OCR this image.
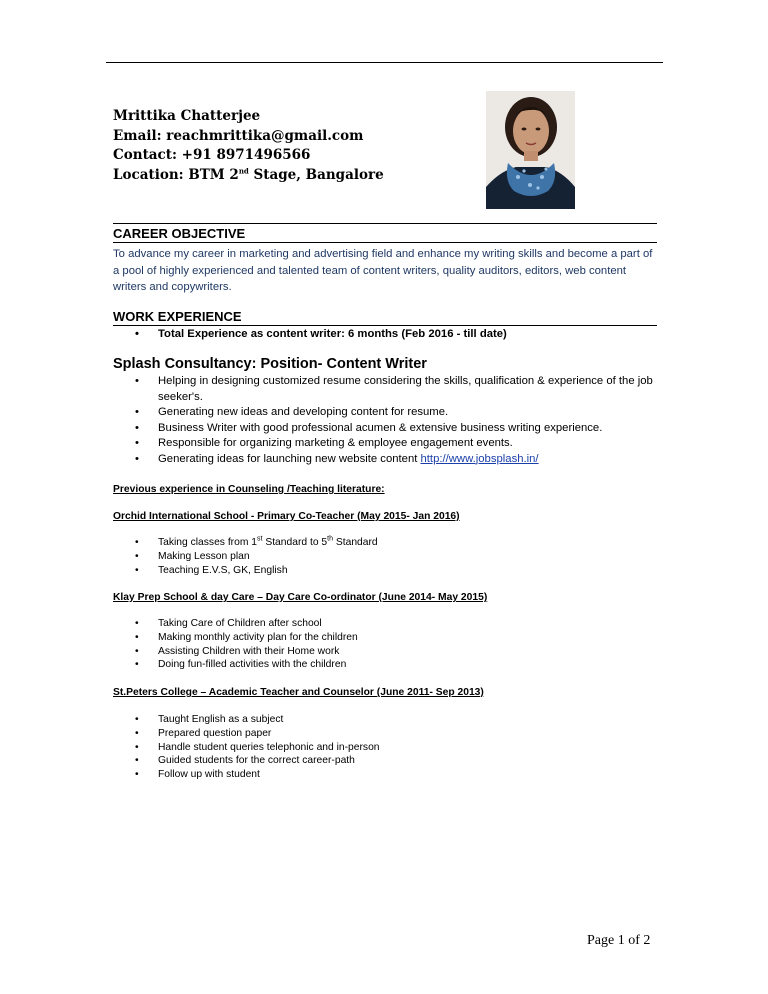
Mrittika Chatterjee
Email: reachmrittika@gmail.com
Contact: +91 8971496566
Location: BTM 2nd Stage, Bangalore
CAREER OBJECTIVE
To advance my career in marketing and advertising field and enhance my writing skills and become a part of a pool of highly experienced and talented team of content writers, quality auditors, editors, web content writers and copywriters.
WORK EXPERIENCE
• Total Experience as content writer: 6 months (Feb 2016 - till date)
Splash Consultancy: Position- Content Writer
• Helping in designing customized resume considering the skills, qualification & experience of the job seeker's.
• Generating new ideas and developing content for resume.
• Business Writer with good professional acumen & extensive business writing experience.
• Responsible for organizing marketing & employee engagement events.
• Generating ideas for launching new website content http://www.jobsplash.in/
Previous experience in Counseling /Teaching literature:
Orchid International School - Primary Co-Teacher (May 2015- Jan 2016)
• Taking classes from 1st Standard to 5th Standard
• Making Lesson plan
• Teaching E.V.S, GK, English
Klay Prep School & day Care – Day Care Co-ordinator (June 2014- May 2015)
• Taking Care of Children after school
• Making monthly activity plan for the children
• Assisting Children with their Home work
• Doing fun-filled activities with the children
St.Peters College – Academic Teacher and Counselor (June 2011- Sep 2013)
• Taught English as a subject
• Prepared question paper
• Handle student queries telephonic and in-person
• Guided students for the correct career-path
• Follow up with student
Page 1 of 2
